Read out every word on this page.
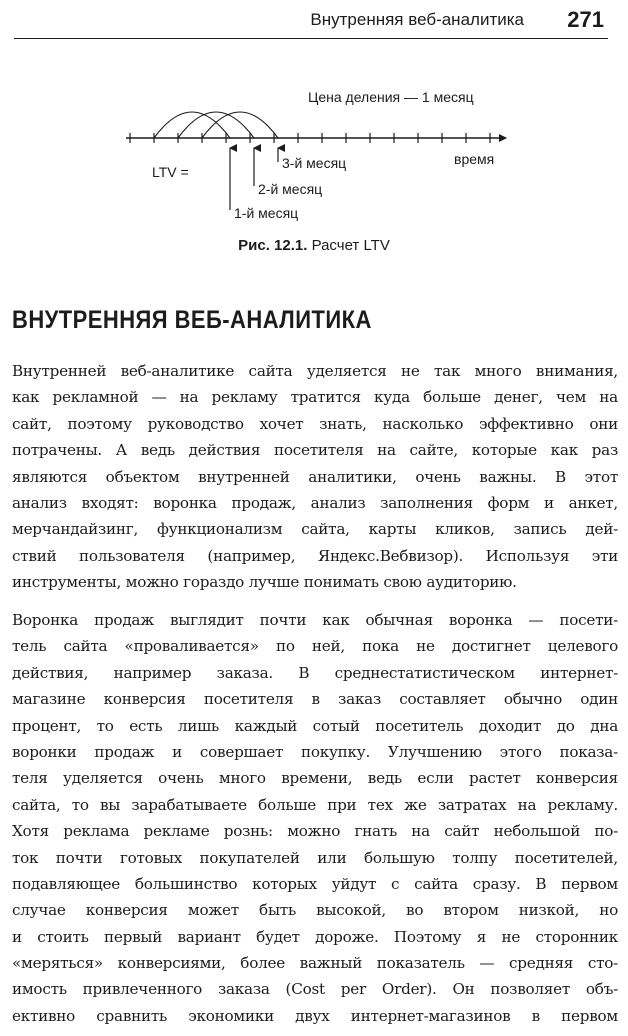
Внутренняя веб-аналитика 271
Цена деления — 1 месяц
LTV =
время
1-й месяц
2-й месяц
3-й месяц
Рис. 12.1. Расчет LTV
ВНУТРЕННЯЯ ВЕБ-АНАЛИТИКА
Внутренней веб-аналитике сайта уделяется не так много внимания,
как рекламной — на рекламу тратится куда больше денег, чем на
сайт, поэтому руководство хочет знать, насколько эффективно они
потрачены. А ведь действия посетителя на сайте, которые как раз
являются объектом внутренней аналитики, очень важны. В этот
анализ входят: воронка продаж, анализ заполнения форм и анкет,
мерчандайзинг, функционализм сайта, карты кликов, запись дей-
ствий пользователя (например, Яндекс.Вебвизор). Используя эти
инструменты, можно гораздо лучше понимать свою аудиторию.
Воронка продаж выглядит почти как обычная воронка — посети-
тель сайта «проваливается» по ней, пока не достигнет целевого
действия, например заказа. В среднестатистическом интернет-
магазине конверсия посетителя в заказ составляет обычно один
процент, то есть лишь каждый сотый посетитель доходит до дна
воронки продаж и совершает покупку. Улучшению этого показа-
теля уделяется очень много времени, ведь если растет конверсия
сайта, то вы зарабатываете больше при тех же затратах на рекламу.
Хотя реклама рекламе рознь: можно гнать на сайт небольшой по-
ток почти готовых покупателей или большую толпу посетителей,
подавляющее большинство которых уйдут с сайта сразу. В первом
случае конверсия может быть высокой, во втором низкой, но
и стоить первый вариант будет дороже. Поэтому я не сторонник
«меряться» конверсиями, более важный показатель — средняя сто-
имость привлеченного заказа (Cost per Order). Он позволяет объ-
ективно сравнить экономики двух интернет-магазинов в первом
